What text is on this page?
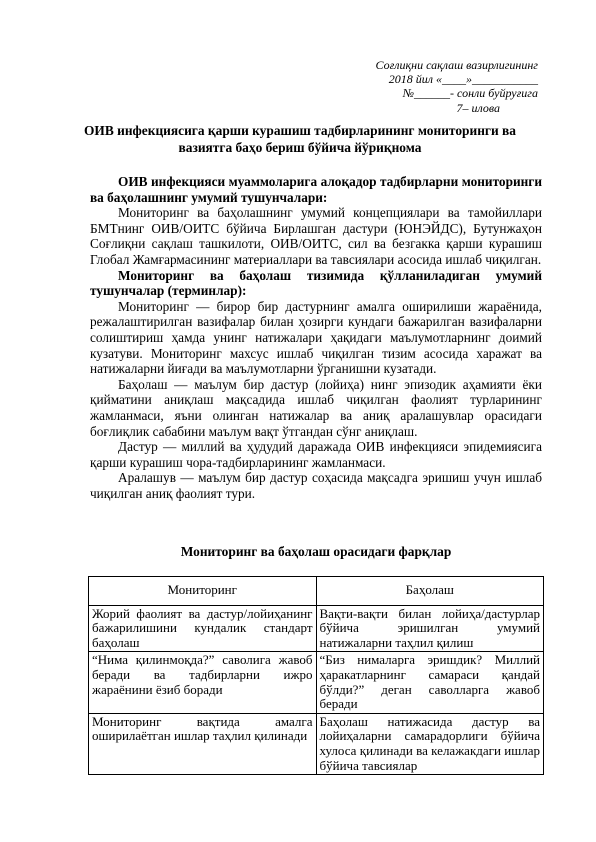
Соғлиқни сақлаш вазирлигининг
2018 йил «____»___________
№______- сонли буйруғига
7– илова
ОИВ инфекциясига қарши курашиш тадбирларининг мониторинги ва вазиятга баҳо бериш бўйича йўриқнома

ОИВ инфекцияси муаммоларига алоқадор тадбирларни мониторинги ва баҳолашнинг умумий тушунчалари:

Мониторинг ва баҳолашнинг умумий концепциялари ва тамойиллари БМТнинг ОИВ/ОИТС бўйича Бирлашган дастури (ЮНЭЙДС), Бутунжаҳон Соғлиқни сақлаш ташкилоти, ОИВ/ОИТС, сил ва безгакка қарши курашиш Глобал Жамғармасининг материаллари ва тавсиялари асосида ишлаб чиқилган.

Мониторинг ва баҳолаш тизимида қўлланиладиган умумий тушунчалар (терминлар):

Мониторинг — бирор бир дастурнинг амалга оширилиши жараёнида, режалаштирилган вазифалар билан ҳозирги кундаги бажарилган вазифаларни солиштириш ҳамда унинг натижалари ҳақидаги маълумотларнинг доимий кузатуви. Мониторинг махсус ишлаб чиқилган тизим асосида харажат ва натижаларни йиғади ва маълумотларни ўрганишни кузатади.

Баҳолаш — маълум бир дастур (лойиҳа) нинг эпизодик аҳамияти ёки қийматини аниқлаш мақсадида ишлаб чиқилган фаолият турларининг жамланмаси, яъни олинган натижалар ва аниқ аралашувлар орасидаги боғлиқлик сабабини маълум вақт ўтгандан сўнг аниқлаш.

Дастур — миллий ва ҳудудий даражада ОИВ инфекцияси эпидемиясига қарши курашиш чора-тадбирларининг жамланмаси.

Аралашув — маълум бир дастур соҳасида мақсадга эришиш учун ишлаб чиқилган аниқ фаолият тури.

Мониторинг ва баҳолаш орасидаги фарқлар
Мониторинг	Баҳолаш
Жорий фаолият ва дастур/лойиҳанинг бажарилишини кундалик стандарт баҳолаш	Вақти-вақти билан лойиҳа/дастурлар бўйича эришилган умумий натижаларни таҳлил қилиш
“Нима қилинмоқда?” саволига жавоб беради ва тадбирларни ижро жараёнини ёзиб боради	“Биз нималарга эришдик? Миллий ҳаракатларнинг самараси қандай бўлди?” деган саволларга жавоб беради
Мониторинг вақтида амалга оширилаётган ишлар таҳлил қилинади	Баҳолаш натижасида дастур ва лойиҳаларни самарадорлиги бўйича хулоса қилинади ва келажакдаги ишлар бўйича тавсиялар
